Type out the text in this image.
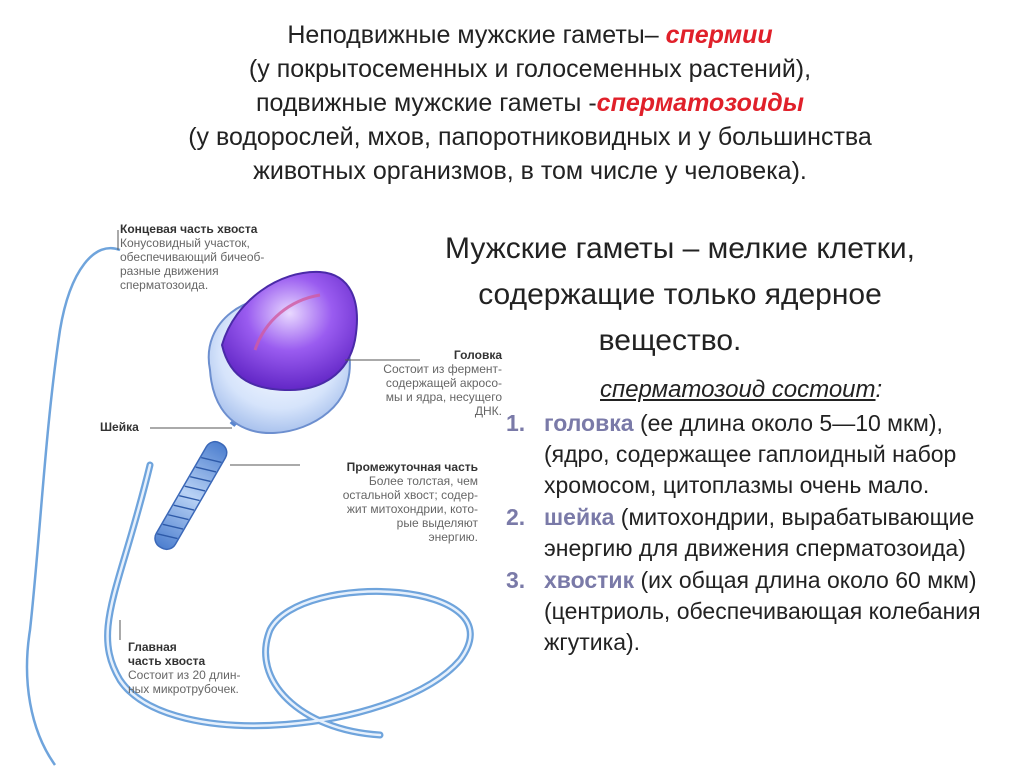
Неподвижные мужские гаметы– спермии
(у покрытосеменных и голосеменных растений),
подвижные мужские гаметы -сперматозоиды
(у водорослей, мхов, папоротниковидных и у большинства
животных организмов, в том числе у человека).
Мужские гаметы – мелкие клетки,
содержащие только ядерное
вещество.
сперматозоид состоит:
1. головка (ее длина около 5—10 мкм), (ядро, содержащее гаплоидный набор хромосом, цитоплазмы очень мало.
2. шейка (митохондрии, вырабатывающие энергию для движения сперматозоида)
3. хвостик (их общая длина около 60 мкм) (центриоль, обеспечивающая колебания жгутика).
Концевая часть хвоста
Конусовидный участок,
обеспечивающий бичеоб-
разные движения
сперматозоида.
Головка
Состоит из фермент-
содержащей акросо-
мы и ядра, несущего
ДНК.
Шейка
Промежуточная часть
Более толстая, чем
остальной хвост; содер-
жит митохондрии, кото-
рые выделяют
энергию.
Главная
часть хвоста
Состоит из 20 длин-
ных микротрубочек.
